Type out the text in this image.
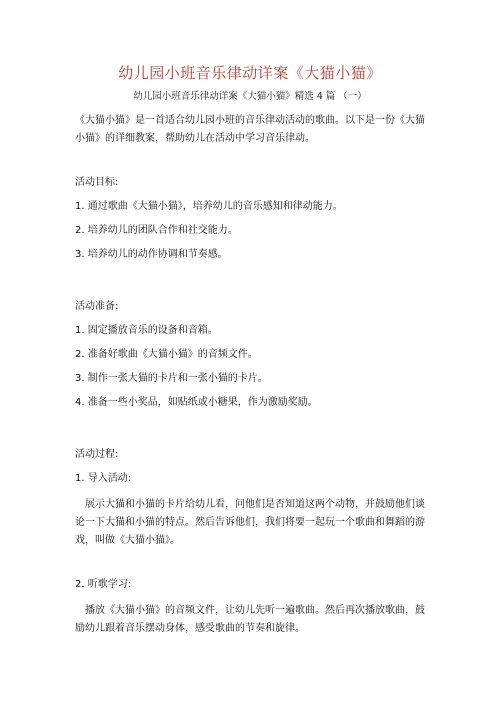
幼儿园小班音乐律动详案《大猫小猫》
幼儿园小班音乐律动详案《大猫小猫》精选 4 篇 （一）

《大猫小猫》是一首适合幼儿园小班的音乐律动活动的歌曲。以下是一份《大猫小猫》的详细教案，帮助幼儿在活动中学习音乐律动。

活动目标:

1. 通过歌曲《大猫小猫》，培养幼儿的音乐感知和律动能力。

2. 培养幼儿的团队合作和社交能力。

3. 培养幼儿的动作协调和节奏感。

活动准备:

1. 固定播放音乐的设备和音箱。

2. 准备好歌曲《大猫小猫》的音频文件。

3. 制作一张大猫的卡片和一张小猫的卡片。

4. 准备一些小奖品，如贴纸或小糖果，作为激励奖励。

活动过程:

1. 导入活动:

展示大猫和小猫的卡片给幼儿看，问他们是否知道这两个动物，并鼓励他们谈论一下大猫和小猫的特点。然后告诉他们，我们将要一起玩一个歌曲和舞蹈的游戏，叫做《大猫小猫》。

2. 听歌学习:

播放《大猫小猫》的音频文件，让幼儿先听一遍歌曲。然后再次播放歌曲，鼓励幼儿跟着音乐摆动身体，感受歌曲的节奏和旋律。
